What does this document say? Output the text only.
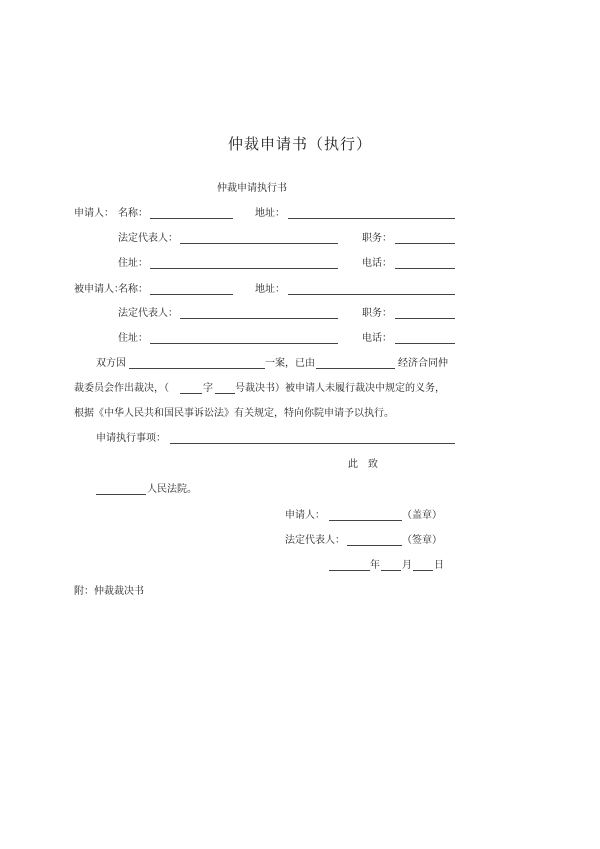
仲裁申请书（执行）
仲裁申请执行书
申请人： 名称：	地址：
法定代表人：	职务：
住址：	电话：
被申请人：
名称：	地址：
法定代表人：	职务：
住址：	电话：
双方因	一案，已由	经济合同仲
裁委员会作出裁决，（	字 号裁决书）被申请人未履行裁决中规定的义务，
根据《中华人民共和国民事诉讼法》有关规定，特向你院申请予以执行。
申请执行事项：
此　致
人民法院。
申请人：	（盖章）
法定代表人：	（签章）
年 月 日
附：仲裁裁决书
